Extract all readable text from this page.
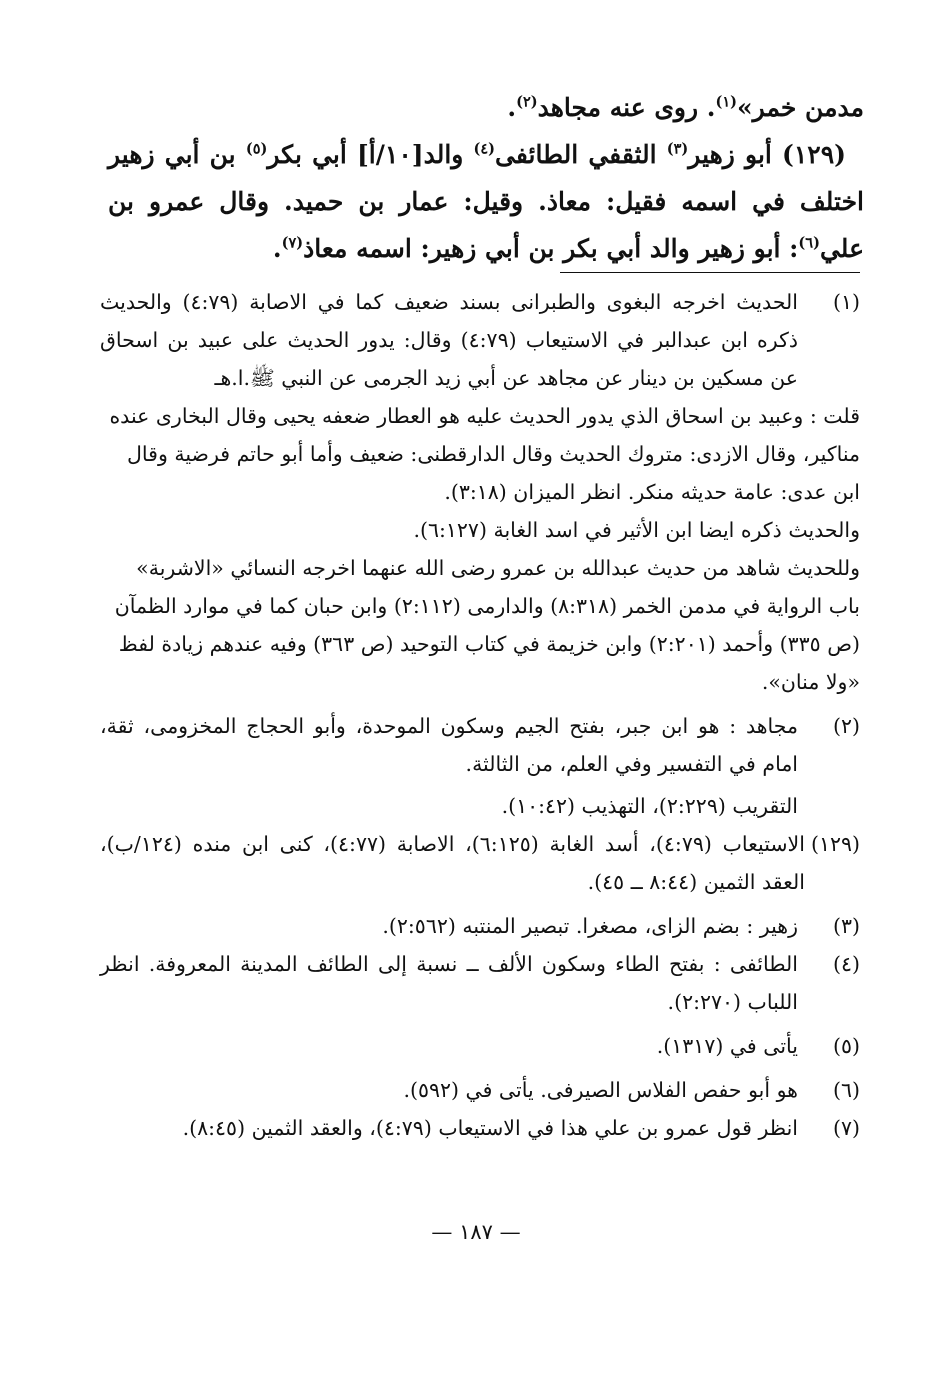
مدمن خمر»$^{(١)}$. روى عنه مجاهد$^{(٢)}$.

(١٢٩) أبو زهير$^{(٣)}$ الثقفي الطائفى$^{(٤)}$ والد[١٠/أ] أبي بكر$^{(٥)}$ بن أبي زهير اختلف في اسمه فقيل: معاذ. وقيل: عمار بن حميد. وقال عمرو بن علي$^{(٦)}$: أبو زهير والد أبي بكر بن أبي زهير: اسمه معاذ$^{(٧)}$.

(١)

الحديث اخرجه البغوى والطبرانى بسند ضعيف كما في الاصابة (٤:٧٩) والحديث ذكره ابن عبدالبر في الاستيعاب (٤:٧٩) وقال: يدور الحديث على عبيد بن اسحاق عن مسكين بن دينار عن مجاهد عن أبي زيد الجرمى عن النبي ﷺ.ا.هـ

قلت : وعبيد بن اسحاق الذي يدور الحديث عليه هو العطار ضعفه يحيى وقال البخارى عنده مناكير، وقال الازدى: متروك الحديث وقال الدارقطنى: ضعيف وأما أبو حاتم فرضية وقال ابن عدى: عامة حديثه منكر. انظر الميزان (٣:١٨).

والحديث ذكره ايضا ابن الأثير في اسد الغابة (٦:١٢٧).

وللحديث شاهد من حديث عبدالله بن عمرو رضى الله عنهما اخرجه النسائي «الاشربة» باب الرواية في مدمن الخمر (٨:٣١٨) والدارمى (٢:١١٢) وابن حبان كما في موارد الظمآن (ص ٣٣٥) وأحمد (٢:٢٠١) وابن خزيمة في كتاب التوحيد (ص ٣٦٣) وفيه عندهم زيادة لفظ «ولا منان».

(٢)

مجاهد : هو ابن جبر، بفتح الجيم وسكون الموحدة، وأبو الحجاج المخزومى، ثقة، امام في التفسير وفي العلم، من الثالثة.

التقريب (٢:٢٢٩)، التهذيب (١٠:٤٢).

(١٢٩)

الاستيعاب (٤:٧٩)، أسد الغابة (٦:١٢٥)، الاصابة (٤:٧٧)، كنى ابن منده (١٢٤/ب)، العقد الثمين (٨:٤٤ ــ ٤٥).

(٣)

زهير : بضم الزاى، مصغرا. تبصير المنتبه (٢:٥٦٢).

(٤)

الطائفى : بفتح الطاء وسكون الألف ــ نسبة إلى الطائف المدينة المعروفة. انظر اللباب (٢:٢٧٠).

(٥)

يأتى في (١٣١٧).

(٦)

هو أبو حفص الفلاس الصيرفى. يأتى في (٥٩٢).

(٧)

انظر قول عمرو بن علي هذا في الاستيعاب (٤:٧٩)، والعقد الثمين (٨:٤٥).

— ١٨٧ —
